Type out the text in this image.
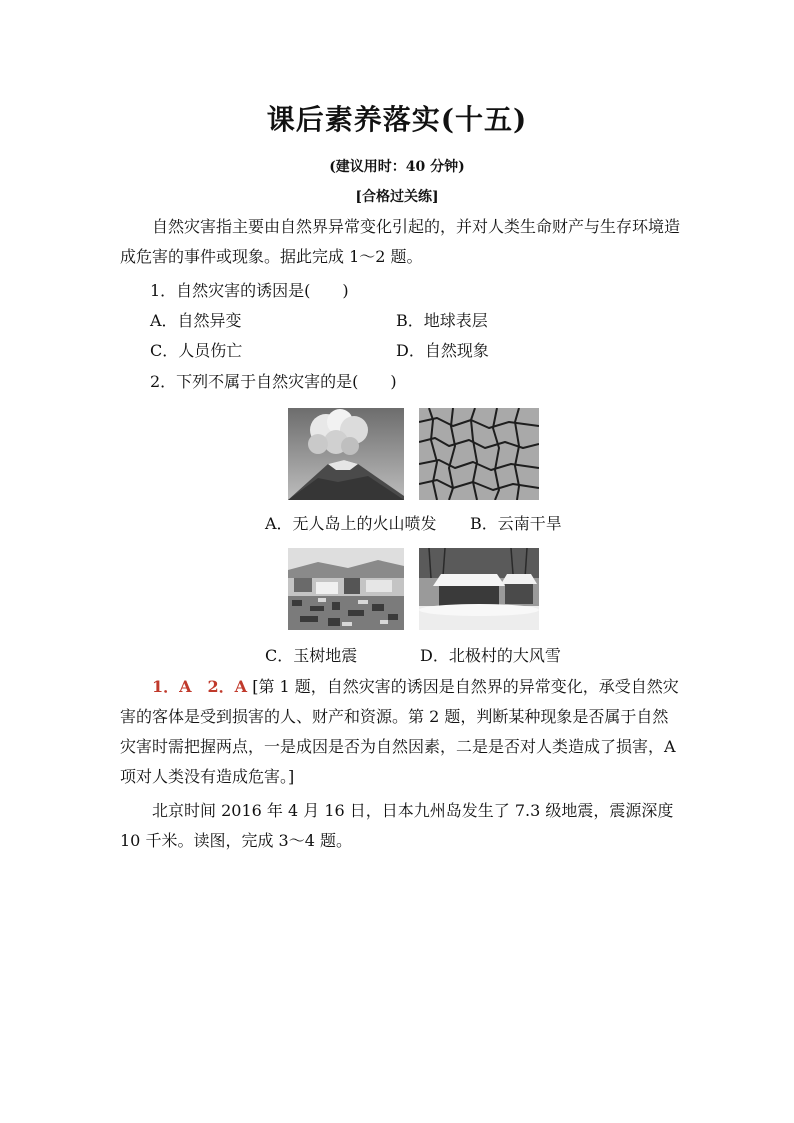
课后素养落实(十五)
(建议用时：40 分钟)
[合格过关练]
自然灾害指主要由自然界异常变化引起的，并对人类生命财产与生存环境造成危害的事件或现象。据此完成 1～2 题。
1．自然灾害的诱因是(　　)
A．自然异变	B．地球表层
C．人员伤亡	D．自然现象
2．下列不属于自然灾害的是(　　)
A．无人岛上的火山喷发 B．云南干旱
C．玉树地震	D．北极村的大风雪
1．A　2．A [第 1 题，自然灾害的诱因是自然界的异常变化，承受自然灾害的客体是受到损害的人、财产和资源。第 2 题，判断某种现象是否属于自然灾害时需把握两点，一是成因是否为自然因素，二是是否对人类造成了损害，A 项对人类没有造成危害。]
北京时间 2016 年 4 月 16 日，日本九州岛发生了 7.3 级地震，震源深度 10 千米。读图，完成 3～4 题。
